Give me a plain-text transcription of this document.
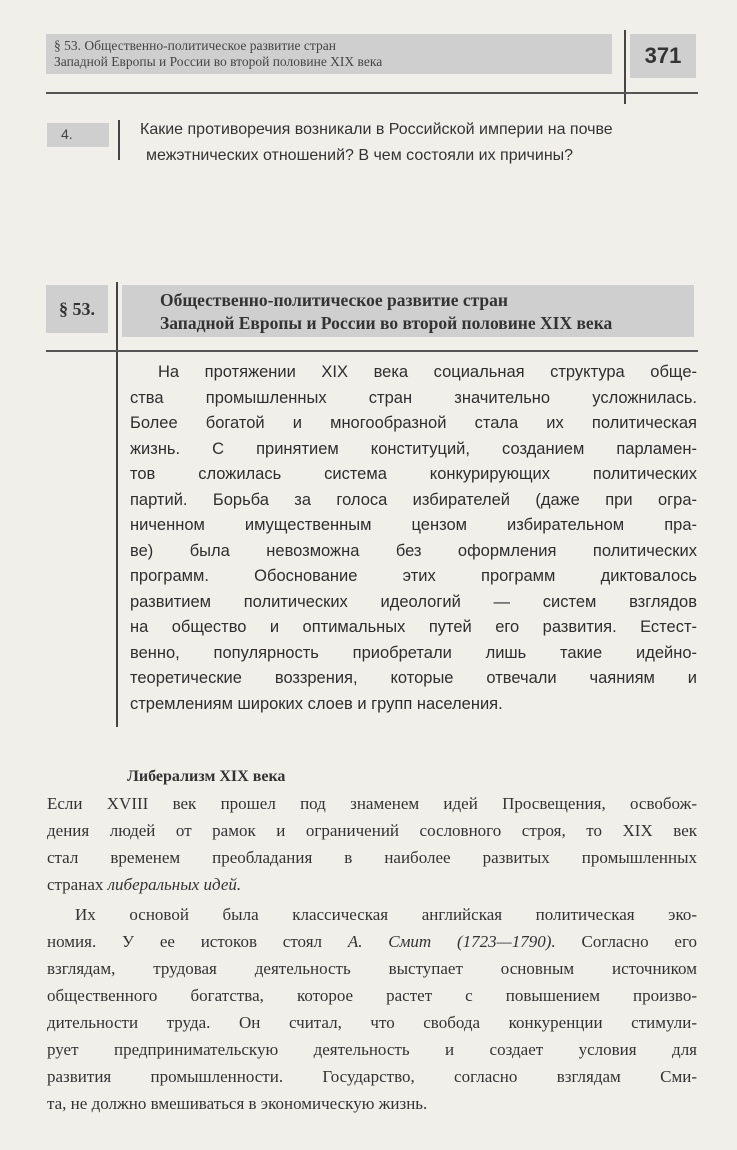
§ 53. Общественно-политическое развитие стран
Западной Европы и России во второй половине XIX века	371
4.	Какие противоречия возникали в Российской империи на почве
межэтнических отношений? В чем состояли их причины?
§ 53.	Общественно-политическое развитие стран
Западной Европы и России во второй половине XIX века

На протяжении XIX века социальная структура обще-

ства промышленных стран значительно усложнилась.

Более богатой и многообразной стала их политическая

жизнь. С принятием конституций, созданием парламен-

тов сложилась система конкурирующих политических

партий. Борьба за голоса избирателей (даже при огра-

ниченном имущественным цензом избирательном пра-

ве) была невозможна без оформления политических

программ. Обоснование этих программ диктовалось

развитием политических идеологий — систем взглядов

на общество и оптимальных путей его развития. Естест-

венно, популярность приобретали лишь такие идейно-

теоретические воззрения, которые отвечали чаяниям и

стремлениям широких слоев и групп населения.

Либерализм XIX века

Если XVIII век прошел под знаменем идей Просвещения, освобож-

дения людей от рамок и ограничений сословного строя, то XIX век

стал временем преобладания в наиболее развитых промышленных

странах либеральных идей.

Их основой была классическая английская политическая эко-

номия. У ее истоков стоял А. Смит (1723—1790). Согласно его

взглядам, трудовая деятельность выступает основным источником

общественного богатства, которое растет с повышением произво-

дительности труда. Он считал, что свобода конкуренции стимули-

рует предпринимательскую деятельность и создает условия для

развития промышленности. Государство, согласно взглядам Сми-

та, не должно вмешиваться в экономическую жизнь.
